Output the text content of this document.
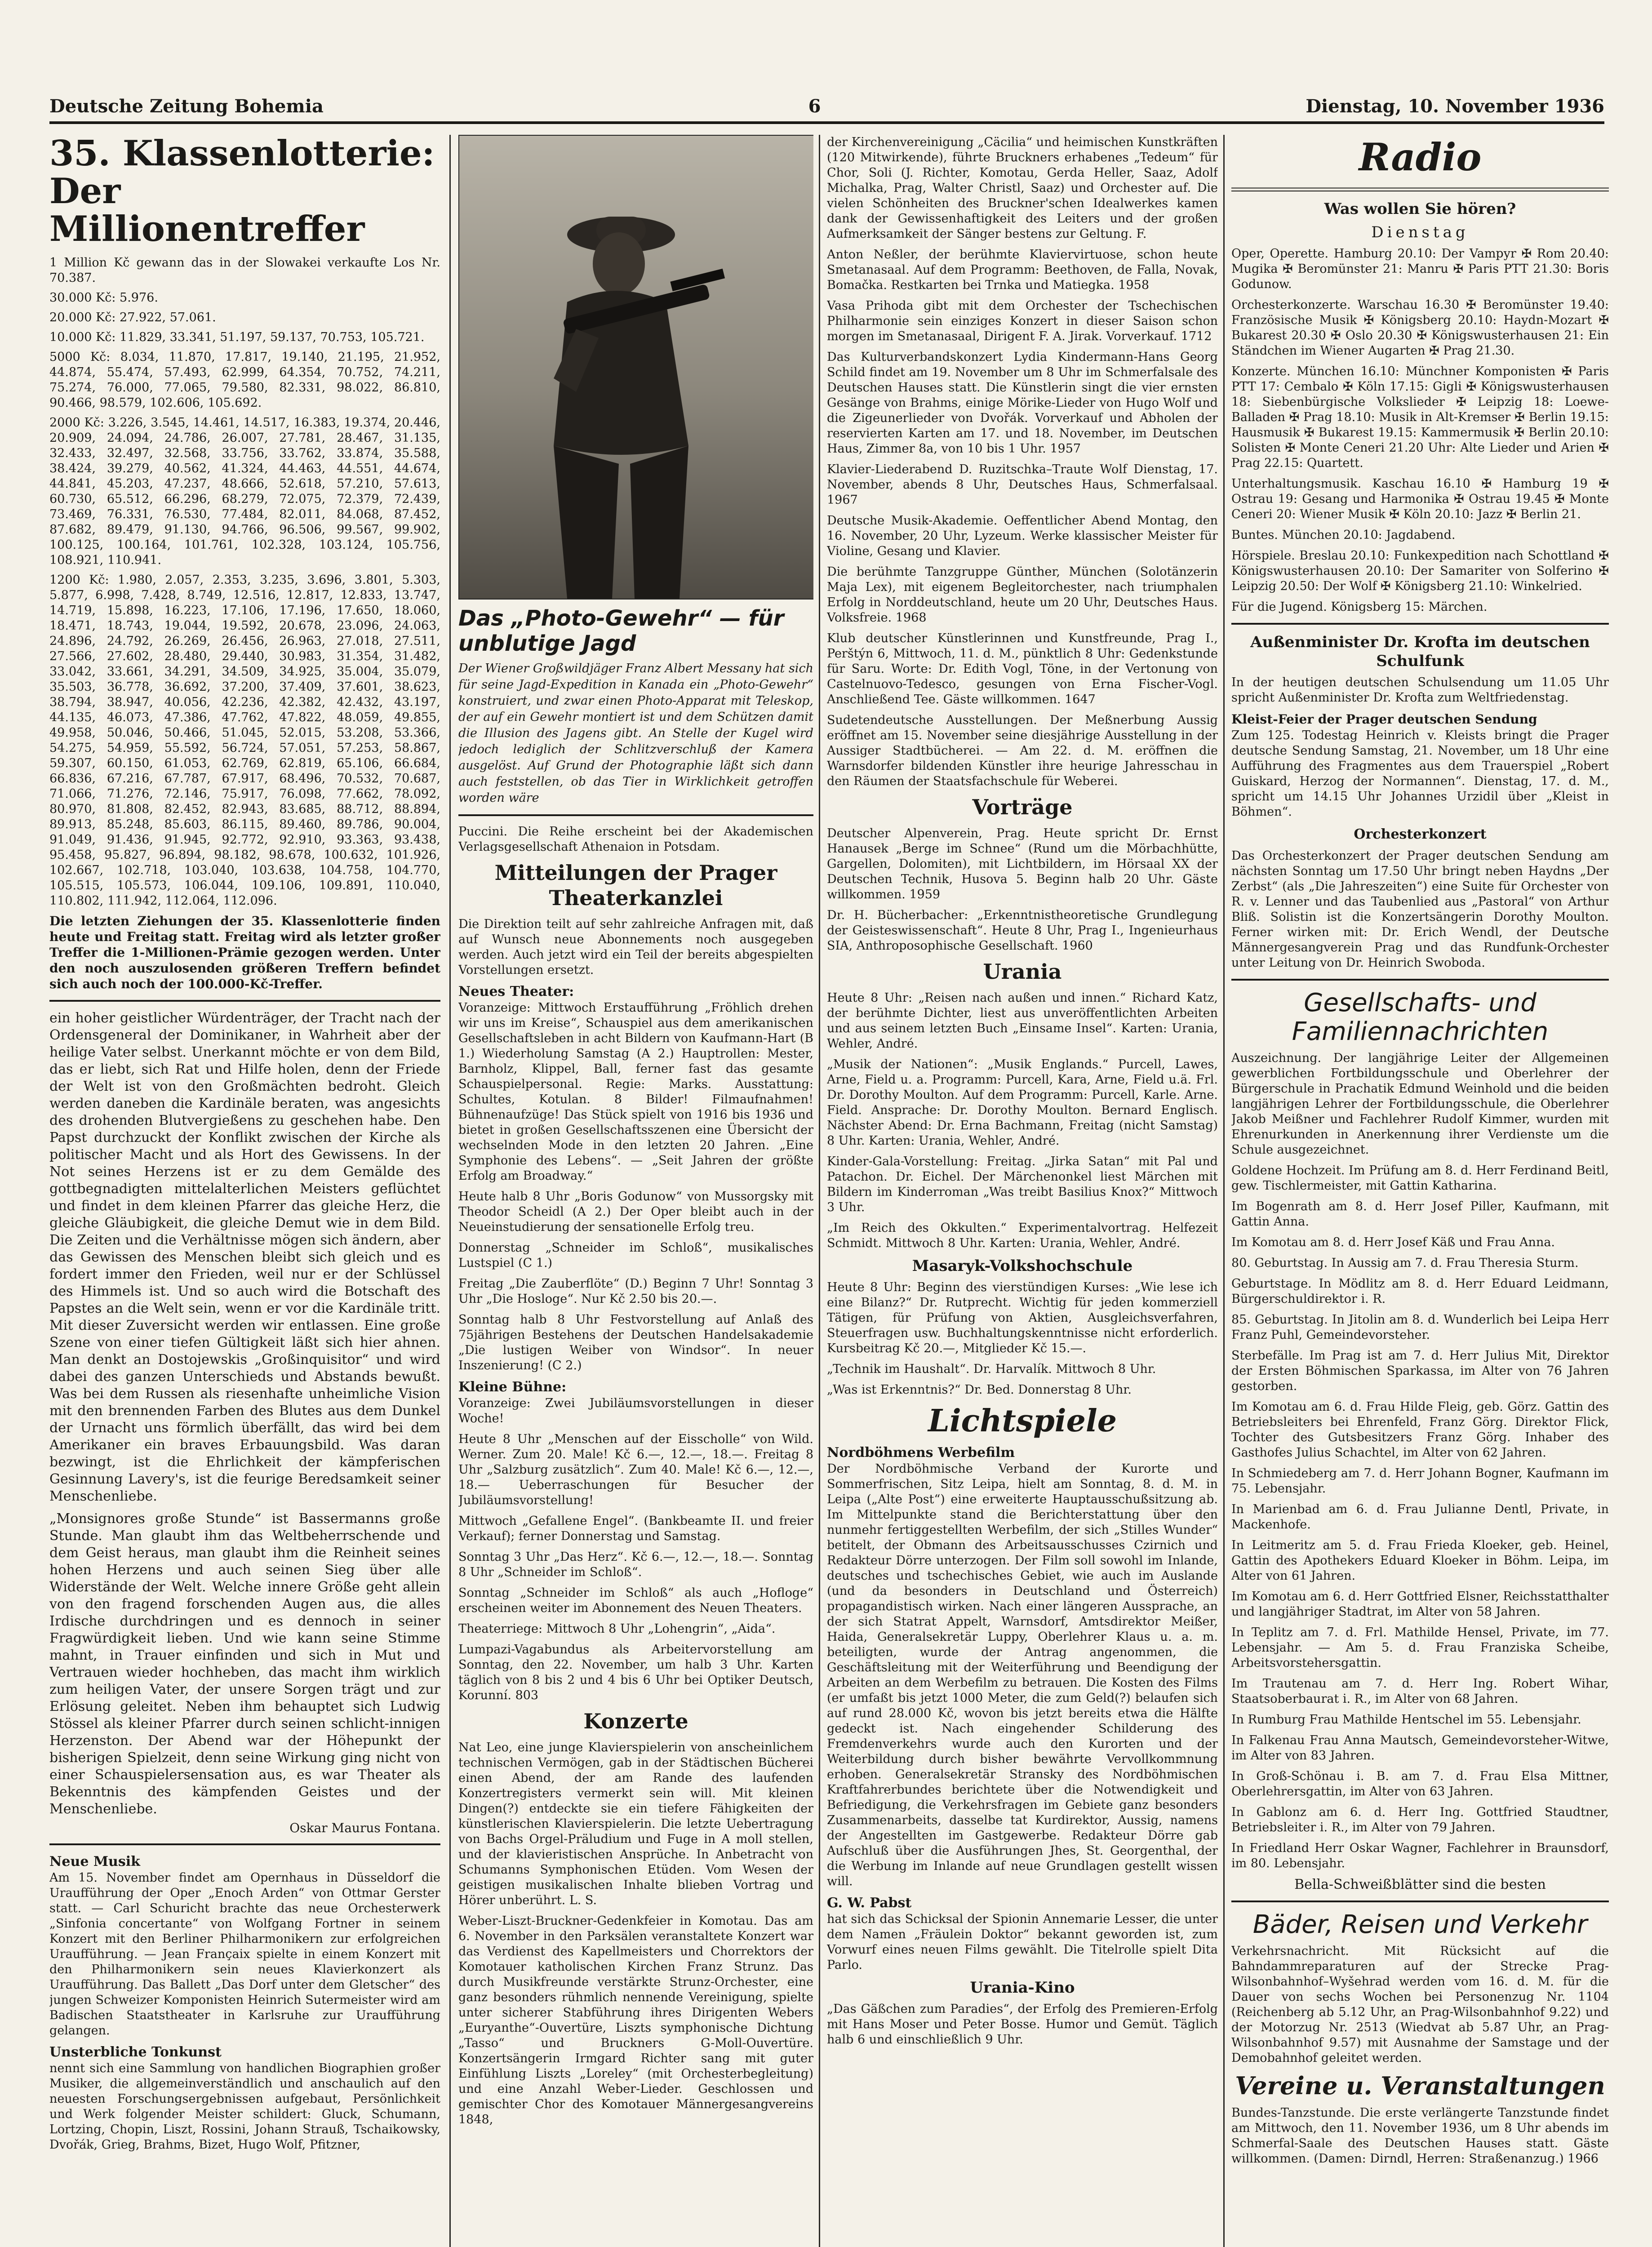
Deutsche Zeitung Bohemia	6	Dienstag, 10. November 1936
35. Klassenlotterie: Der Millionentreffer
1 Million Kč gewann das in der Slowakei verkaufte Los Nr. 70.387.
30.000 Kč: 5.976.
20.000 Kč: 27.922, 57.061.
10.000 Kč: 11.829, 33.341, 51.197, 59.137, 70.753, 105.721.
5000 Kč: 8.034, 11.870, 17.817, 19.140, 21.195, 21.952, 44.874, 55.474, 57.493, 62.999, 64.354, 70.752, 74.211, 75.274, 76.000, 77.065, 79.580, 82.331, 98.022, 86.810, 90.466, 98.579, 102.606, 105.692.
2000 Kč: 3.226, 3.545, 14.461, 14.517, 16.383, 19.374, 20.446, 20.909, 24.094, 24.786, 26.007, 27.781, 28.467, 31.135, 32.433, 32.497, 32.568, 33.756, 33.762, 33.874, 35.588, 38.424, 39.279, 40.562, 41.324, 44.463, 44.551, 44.674, 44.841, 45.203, 47.237, 48.666, 52.618, 57.210, 57.613, 60.730, 65.512, 66.296, 68.279, 72.075, 72.379, 72.439, 73.469, 76.331, 76.530, 77.484, 82.011, 84.068, 87.452, 87.682, 89.479, 91.130, 94.766, 96.506, 99.567, 99.902, 100.125, 100.164, 101.761, 102.328, 103.124, 105.756, 108.921, 110.941.
1200 Kč: 1.980, 2.057, 2.353, 3.235, 3.696, 3.801, 5.303, 5.877, 6.998, 7.428, 8.749, 12.516, 12.817, 12.833, 13.747, 14.719, 15.898, 16.223, 17.106, 17.196, 17.650, 18.060, 18.471, 18.743, 19.044, 19.592, 20.678, 23.096, 24.063, 24.896, 24.792, 26.269, 26.456, 26.963, 27.018, 27.511, 27.566, 27.602, 28.480, 29.440, 30.983, 31.354, 31.482, 33.042, 33.661, 34.291, 34.509, 34.925, 35.004, 35.079, 35.503, 36.778, 36.692, 37.200, 37.409, 37.601, 38.623, 38.794, 38.947, 40.056, 42.236, 42.382, 42.432, 43.197, 44.135, 46.073, 47.386, 47.762, 47.822, 48.059, 49.855, 49.958, 50.046, 50.466, 51.045, 52.015, 53.208, 53.366, 54.275, 54.959, 55.592, 56.724, 57.051, 57.253, 58.867, 59.307, 60.150, 61.053, 62.769, 62.819, 65.106, 66.684, 66.836, 67.216, 67.787, 67.917, 68.496, 70.532, 70.687, 71.066, 71.276, 72.146, 75.917, 76.098, 77.662, 78.092, 80.970, 81.808, 82.452, 82.943, 83.685, 88.712, 88.894, 89.913, 85.248, 85.603, 86.115, 89.460, 89.786, 90.004, 91.049, 91.436, 91.945, 92.772, 92.910, 93.363, 93.438, 95.458, 95.827, 96.894, 98.182, 98.678, 100.632, 101.926, 102.667, 102.718, 103.040, 103.638, 104.758, 104.770, 105.515, 105.573, 106.044, 109.106, 109.891, 110.040, 110.802, 111.942, 112.064, 112.096.

Die letzten Ziehungen der 35. Klassenlotterie finden heute und Freitag statt. Freitag wird als letzter großer Treffer die 1-Millionen-Prämie gezogen werden. Unter den noch auszulosenden größeren Treffern befindet sich auch noch der 100.000-Kč-Treffer.

ein hoher geistlicher Würdenträger, der Tracht nach der Ordensgeneral der Dominikaner, in Wahrheit aber der heilige Vater selbst. Unerkannt möchte er von dem Bild, das er liebt, sich Rat und Hilfe holen, denn der Friede der Welt ist von den Großmächten bedroht. Gleich werden daneben die Kardinäle beraten, was angesichts des drohenden Blutvergießens zu geschehen habe. Den Papst durchzuckt der Konflikt zwischen der Kirche als politischer Macht und als Hort des Gewissens. In der Not seines Herzens ist er zu dem Gemälde des gottbegnadigten mittelalterlichen Meisters geflüchtet und findet in dem kleinen Pfarrer das gleiche Herz, die gleiche Gläubigkeit, die gleiche Demut wie in dem Bild. Die Zeiten und die Verhältnisse mögen sich ändern, aber das Gewissen des Menschen bleibt sich gleich und es fordert immer den Frieden, weil nur er der Schlüssel des Himmels ist. Und so auch wird die Botschaft des Papstes an die Welt sein, wenn er vor die Kardinäle tritt. Mit dieser Zuversicht werden wir entlassen. Eine große Szene von einer tiefen Gültigkeit läßt sich hier ahnen. Man denkt an Dostojewskis „Großinquisitor“ und wird dabei des ganzen Unterschieds und Abstands bewußt. Was bei dem Russen als riesenhafte unheimliche Vision mit den brennenden Farben des Blutes aus dem Dunkel der Urnacht uns förmlich überfällt, das wird bei dem Amerikaner ein braves Erbauungsbild. Was daran bezwingt, ist die Ehrlichkeit der kämpferischen Gesinnung Lavery's, ist die feurige Beredsamkeit seiner Menschenliebe.

„Monsignores große Stunde“ ist Bassermanns große Stunde. Man glaubt ihm das Weltbeherrschende und dem Geist heraus, man glaubt ihm die Reinheit seines hohen Herzens und auch seinen Sieg über alle Widerstände der Welt. Welche innere Größe geht allein von den fragend forschenden Augen aus, die alles Irdische durchdringen und es dennoch in seiner Fragwürdigkeit lieben. Und wie kann seine Stimme mahnt, in Trauer einfinden und sich in Mut und Vertrauen wieder hochheben, das macht ihm wirklich zum heiligen Vater, der unsere Sorgen trägt und zur Erlösung geleitet. Neben ihm behauptet sich Ludwig Stössel als kleiner Pfarrer durch seinen schlicht-innigen Herzenston. Der Abend war der Höhepunkt der bisherigen Spielzeit, denn seine Wirkung ging nicht von einer Schauspielersensation aus, es war Theater als Bekenntnis des kämpfenden Geistes und der Menschenliebe.

Oskar Maurus Fontana.

Neue Musik

Am 15. November findet am Opernhaus in Düsseldorf die Uraufführung der Oper „Enoch Arden“ von Ottmar Gerster statt. — Carl Schuricht brachte das neue Orchesterwerk „Sinfonia concertante“ von Wolfgang Fortner in seinem Konzert mit den Berliner Philharmonikern zur erfolgreichen Uraufführung. — Jean Françaix spielte in einem Konzert mit den Philharmonikern sein neues Klavierkonzert als Uraufführung. Das Ballett „Das Dorf unter dem Gletscher“ des jungen Schweizer Komponisten Heinrich Sutermeister wird am Badischen Staatstheater in Karlsruhe zur Uraufführung gelangen.

Unsterbliche Tonkunst

nennt sich eine Sammlung von handlichen Biographien großer Musiker, die allgemeinverständlich und anschaulich auf den neuesten Forschungsergebnissen aufgebaut, Persönlichkeit und Werk folgender Meister schildert: Gluck, Schumann, Lortzing, Chopin, Liszt, Rossini, Johann Strauß, Tschaikowsky, Dvořák, Grieg, Brahms, Bizet, Hugo Wolf, Pfitzner,

Das „Photo-Gewehr“ — für unblutige Jagd
Der Wiener Großwildjäger Franz Albert Messany hat sich für seine Jagd-Expedition in Kanada ein „Photo-Gewehr“ konstruiert, und zwar einen Photo-Apparat mit Teleskop, der auf ein Gewehr montiert ist und dem Schützen damit die Illusion des Jagens gibt. An Stelle der Kugel wird jedoch lediglich der Schlitzverschluß der Kamera ausgelöst. Auf Grund der Photographie läßt sich dann auch feststellen, ob das Tier in Wirklichkeit getroffen worden wäre

Puccini. Die Reihe erscheint bei der Akademischen Verlagsgesellschaft Athenaion in Potsdam.

Mitteilungen der Prager Theaterkanzlei

Die Direktion teilt auf sehr zahlreiche Anfragen mit, daß auf Wunsch neue Abonnements noch ausgegeben werden. Auch jetzt wird ein Teil der bereits abgespielten Vorstellungen ersetzt.

Neues Theater:

Voranzeige: Mittwoch Erstaufführung „Fröhlich drehen wir uns im Kreise“, Schauspiel aus dem amerikanischen Gesellschaftsleben in acht Bildern von Kaufmann-Hart (B 1.) Wiederholung Samstag (A 2.) Hauptrollen: Mester, Barnholz, Klippel, Ball, ferner fast das gesamte Schauspielpersonal. Regie: Marks. Ausstattung: Schultes, Kotulan. 8 Bilder! Filmaufnahmen! Bühnenaufzüge! Das Stück spielt von 1916 bis 1936 und bietet in großen Gesellschaftsszenen eine Übersicht der wechselnden Mode in den letzten 20 Jahren. „Eine Symphonie des Lebens“. — „Seit Jahren der größte Erfolg am Broadway.“

Heute halb 8 Uhr „Boris Godunow“ von Mussorgsky mit Theodor Scheidl (A 2.) Der Oper bleibt auch in der Neueinstudierung der sensationelle Erfolg treu.

Donnerstag „Schneider im Schloß“, musikalisches Lustspiel (C 1.)

Freitag „Die Zauberflöte“ (D.) Beginn 7 Uhr! Sonntag 3 Uhr „Die Hosloge“. Nur Kč 2.50 bis 20.—.

Sonntag halb 8 Uhr Festvorstellung auf Anlaß des 75jährigen Bestehens der Deutschen Handelsakademie „Die lustigen Weiber von Windsor“. In neuer Inszenierung! (C 2.)

Kleine Bühne:

Voranzeige: Zwei Jubiläumsvorstellungen in dieser Woche!

Heute 8 Uhr „Menschen auf der Eisscholle“ von Wild. Werner. Zum 20. Male! Kč 6.—, 12.—, 18.—. Freitag 8 Uhr „Salzburg zusätzlich“. Zum 40. Male! Kč 6.—, 12.—, 18.— Ueberraschungen für Besucher der Jubiläumsvorstellung!

Mittwoch „Gefallene Engel“. (Bankbeamte II. und freier Verkauf); ferner Donnerstag und Samstag.

Sonntag 3 Uhr „Das Herz“. Kč 6.—, 12.—, 18.—. Sonntag 8 Uhr „Schneider im Schloß“.

Sonntag „Schneider im Schloß“ als auch „Hofloge“ erscheinen weiter im Abonnement des Neuen Theaters.

Theaterriege: Mittwoch 8 Uhr „Lohengrin“, „Aida“.

Lumpazi-Vagabundus als Arbeitervorstellung am Sonntag, den 22. November, um halb 3 Uhr. Karten täglich von 8 bis 2 und 4 bis 6 Uhr bei Optiker Deutsch, Korunní. 803

Konzerte

Nat Leo, eine junge Klavierspielerin von anscheinlichem technischen Vermögen, gab in der Städtischen Bücherei einen Abend, der am Rande des laufenden Konzertregisters vermerkt sein will. Mit kleinen Dingen(?) entdeckte sie ein tiefere Fähigkeiten der künstlerischen Klavierspielerin. Die letzte Uebertragung von Bachs Orgel-Präludium und Fuge in A moll stellen, und der klavieristischen Ansprüche. In Anbetracht von Schumanns Symphonischen Etüden. Vom Wesen der geistigen musikalischen Inhalte blieben Vortrag und Hörer unberührt. L. S.

Weber-Liszt-Bruckner-Gedenkfeier in Komotau. Das am 6. November in den Parksälen veranstaltete Konzert war das Verdienst des Kapellmeisters und Chorrektors der Komotauer katholischen Kirchen Franz Strunz. Das durch Musikfreunde verstärkte Strunz-Orchester, eine ganz besonders rühmlich nennende Vereinigung, spielte unter sicherer Stabführung ihres Dirigenten Webers „Euryanthe“-Ouvertüre, Liszts symphonische Dichtung „Tasso“ und Bruckners G-Moll-Ouvertüre. Konzertsängerin Irmgard Richter sang mit guter Einfühlung Liszts „Loreley“ (mit Orchesterbegleitung) und eine Anzahl Weber-Lieder. Geschlossen und gemischter Chor des Komotauer Männergesangvereins 1848,

der Kirchenvereinigung „Cäcilia“ und heimischen Kunstkräften (120 Mitwirkende), führte Bruckners erhabenes „Tedeum“ für Chor, Soli (J. Richter, Komotau, Gerda Heller, Saaz, Adolf Michalka, Prag, Walter Christl, Saaz) und Orchester auf. Die vielen Schönheiten des Bruckner'schen Idealwerkes kamen dank der Gewissenhaftigkeit des Leiters und der großen Aufmerksamkeit der Sänger bestens zur Geltung. F.

Anton Neßler, der berühmte Klaviervirtuose, schon heute Smetanasaal. Auf dem Programm: Beethoven, de Falla, Novak, Bomačka. Restkarten bei Trnka und Matiegka. 1958

Vasa Prihoda gibt mit dem Orchester der Tschechischen Philharmonie sein einziges Konzert in dieser Saison schon morgen im Smetanasaal, Dirigent F. A. Jirak. Vorverkauf. 1712

Das Kulturverbandskonzert Lydia Kindermann-Hans Georg Schild findet am 19. November um 8 Uhr im Schmerfalsale des Deutschen Hauses statt. Die Künstlerin singt die vier ernsten Gesänge von Brahms, einige Mörike-Lieder von Hugo Wolf und die Zigeunerlieder von Dvořák. Vorverkauf und Abholen der reservierten Karten am 17. und 18. November, im Deutschen Haus, Zimmer 8a, von 10 bis 1 Uhr. 1957

Klavier-Liederabend D. Ruzitschka–Traute Wolf Dienstag, 17. November, abends 8 Uhr, Deutsches Haus, Schmerfalsaal. 1967

Deutsche Musik-Akademie. Oeffentlicher Abend Montag, den 16. November, 20 Uhr, Lyzeum. Werke klassischer Meister für Violine, Gesang und Klavier.

Die berühmte Tanzgruppe Günther, München (Solotänzerin Maja Lex), mit eigenem Begleitorchester, nach triumphalen Erfolg in Norddeutschland, heute um 20 Uhr, Deutsches Haus. Volksfreie. 1968

Klub deutscher Künstlerinnen und Kunstfreunde, Prag I., Perštýn 6, Mittwoch, 11. d. M., pünktlich 8 Uhr: Gedenkstunde für Saru. Worte: Dr. Edith Vogl, Töne, in der Vertonung von Castelnuovo-Tedesco, gesungen von Erna Fischer-Vogl. Anschließend Tee. Gäste willkommen. 1647

Sudetendeutsche Ausstellungen. Der Meßnerbung Aussig eröffnet am 15. November seine diesjährige Ausstellung in der Aussiger Stadtbücherei. — Am 22. d. M. eröffnen die Warnsdorfer bildenden Künstler ihre heurige Jahresschau in den Räumen der Staatsfachschule für Weberei.

Vorträge

Deutscher Alpenverein, Prag. Heute spricht Dr. Ernst Hanausek „Berge im Schnee“ (Rund um die Mörbachhütte, Gargellen, Dolomiten), mit Lichtbildern, im Hörsaal XX der Deutschen Technik, Husova 5. Beginn halb 20 Uhr. Gäste willkommen. 1959

Dr. H. Bücherbacher: „Erkenntnistheoretische Grundlegung der Geisteswissenschaft“. Heute 8 Uhr, Prag I., Ingenieurhaus SIA, Anthroposophische Gesellschaft. 1960

Urania

Heute 8 Uhr: „Reisen nach außen und innen.“ Richard Katz, der berühmte Dichter, liest aus unveröffentlichten Arbeiten und aus seinem letzten Buch „Einsame Insel“. Karten: Urania, Wehler, André.

„Musik der Nationen“: „Musik Englands.“ Purcell, Lawes, Arne, Field u. a. Programm: Purcell, Kara, Arne, Field u.ä. Frl. Dr. Dorothy Moulton. Auf dem Programm: Purcell, Karle. Arne. Field. Ansprache: Dr. Dorothy Moulton. Bernard Englisch. Nächster Abend: Dr. Erna Bachmann, Freitag (nicht Samstag) 8 Uhr. Karten: Urania, Wehler, André.

Kinder-Gala-Vorstellung: Freitag. „Jirka Satan“ mit Pal und Patachon. Dr. Eichel. Der Märchenonkel liest Märchen mit Bildern im Kinderroman „Was treibt Basilius Knox?“ Mittwoch 3 Uhr.

„Im Reich des Okkulten.“ Experimentalvortrag. Helfezeit Schmidt. Mittwoch 8 Uhr. Karten: Urania, Wehler, André.

Masaryk-Volkshochschule

Heute 8 Uhr: Beginn des vierstündigen Kurses: „Wie lese ich eine Bilanz?“ Dr. Rutprecht. Wichtig für jeden kommerziell Tätigen, für Prüfung von Aktien, Ausgleichsverfahren, Steuerfragen usw. Buchhaltungskenntnisse nicht erforderlich. Kursbeitrag Kč 20.—, Mitglieder Kč 15.—.

„Technik im Haushalt“. Dr. Harvalík. Mittwoch 8 Uhr.

„Was ist Erkenntnis?“ Dr. Bed. Donnerstag 8 Uhr.

Lichtspiele

Nordböhmens Werbefilm

Der Nordböhmische Verband der Kurorte und Sommerfrischen, Sitz Leipa, hielt am Sonntag, 8. d. M. in Leipa („Alte Post“) eine erweiterte Hauptausschußsitzung ab. Im Mittelpunkte stand die Berichterstattung über den nunmehr fertiggestellten Werbefilm, der sich „Stilles Wunder“ betitelt, der Obmann des Arbeitsausschusses Czirnich und Redakteur Dörre unterzogen. Der Film soll sowohl im Inlande, deutsches und tschechisches Gebiet, wie auch im Auslande (und da besonders in Deutschland und Österreich) propagandistisch wirken. Nach einer längeren Aussprache, an der sich Statrat Appelt, Warnsdorf, Amtsdirektor Meißer, Haida, Generalsekretär Luppy, Oberlehrer Klaus u. a. m. beteiligten, wurde der Antrag angenommen, die Geschäftsleitung mit der Weiterführung und Beendigung der Arbeiten an dem Werbefilm zu betrauen. Die Kosten des Films (er umfaßt bis jetzt 1000 Meter, die zum Geld(?) belaufen sich auf rund 28.000 Kč, wovon bis jetzt bereits etwa die Hälfte gedeckt ist. Nach eingehender Schilderung des Fremdenverkehrs wurde auch den Kurorten und der Weiterbildung durch bisher bewährte Vervollkommnung erhoben. Generalsekretär Stransky des Nordböhmischen Kraftfahrerbundes berichtete über die Notwendigkeit und Befriedigung, die Verkehrsfragen im Gebiete ganz besonders Zusammenarbeits, dasselbe tat Kurdirektor, Aussig, namens der Angestellten im Gastgewerbe. Redakteur Dörre gab Aufschluß über die Ausführungen Jhes, St. Georgenthal, der die Werbung im Inlande auf neue Grundlagen gestellt wissen will.

G. W. Pabst

hat sich das Schicksal der Spionin Annemarie Lesser, die unter dem Namen „Fräulein Doktor“ bekannt geworden ist, zum Vorwurf eines neuen Films gewählt. Die Titelrolle spielt Dita Parlo.

Urania-Kino

„Das Gäßchen zum Paradies“, der Erfolg des Premieren-Erfolg mit Hans Moser und Peter Bosse. Humor und Gemüt. Täglich halb 6 und einschließlich 9 Uhr.

Radio
Was wollen Sie hören?
Dienstag

Oper, Operette. Hamburg 20.10: Der Vampyr ✠ Rom 20.40: Mugika ✠ Beromünster 21: Manru ✠ Paris PTT 21.30: Boris Godunow.

Orchesterkonzerte. Warschau 16.30 ✠ Beromünster 19.40: Französische Musik ✠ Königsberg 20.10: Haydn-Mozart ✠ Bukarest 20.30 ✠ Oslo 20.30 ✠ Königswusterhausen 21: Ein Ständchen im Wiener Augarten ✠ Prag 21.30.

Konzerte. München 16.10: Münchner Komponisten ✠ Paris PTT 17: Cembalo ✠ Köln 17.15: Gigli ✠ Königswusterhausen 18: Siebenbürgische Volkslieder ✠ Leipzig 18: Loewe-Balladen ✠ Prag 18.10: Musik in Alt-Kremser ✠ Berlin 19.15: Hausmusik ✠ Bukarest 19.15: Kammermusik ✠ Berlin 20.10: Solisten ✠ Monte Ceneri 21.20 Uhr: Alte Lieder und Arien ✠ Prag 22.15: Quartett.

Unterhaltungsmusik. Kaschau 16.10 ✠ Hamburg 19 ✠ Ostrau 19: Gesang und Harmonika ✠ Ostrau 19.45 ✠ Monte Ceneri 20: Wiener Musik ✠ Köln 20.10: Jazz ✠ Berlin 21.

Buntes. München 20.10: Jagdabend.

Hörspiele. Breslau 20.10: Funkexpedition nach Schottland ✠ Königswusterhausen 20.10: Der Samariter von Solferino ✠ Leipzig 20.50: Der Wolf ✠ Königsberg 21.10: Winkelried.

Für die Jugend. Königsberg 15: Märchen.

Außenminister Dr. Krofta im deutschen Schulfunk

In der heutigen deutschen Schulsendung um 11.05 Uhr spricht Außenminister Dr. Krofta zum Weltfriedenstag.

Kleist-Feier der Prager deutschen Sendung

Zum 125. Todestag Heinrich v. Kleists bringt die Prager deutsche Sendung Samstag, 21. November, um 18 Uhr eine Aufführung des Fragmentes aus dem Trauerspiel „Robert Guiskard, Herzog der Normannen“. Dienstag, 17. d. M., spricht um 14.15 Uhr Johannes Urzidil über „Kleist in Böhmen“.

Orchesterkonzert

Das Orchesterkonzert der Prager deutschen Sendung am nächsten Sonntag um 17.50 Uhr bringt neben Haydns „Der Zerbst“ (als „Die Jahreszeiten“) eine Suite für Orchester von R. v. Lenner und das Taubenlied aus „Pastoral“ von Arthur Bliß. Solistin ist die Konzertsängerin Dorothy Moulton. Ferner wirken mit: Dr. Erich Wendl, der Deutsche Männergesangverein Prag und das Rundfunk-Orchester unter Leitung von Dr. Heinrich Swoboda.

Gesellschafts- und Familiennachrichten

Auszeichnung. Der langjährige Leiter der Allgemeinen gewerblichen Fortbildungsschule und Oberlehrer der Bürgerschule in Prachatik Edmund Weinhold und die beiden langjährigen Lehrer der Fortbildungsschule, die Oberlehrer Jakob Meißner und Fachlehrer Rudolf Kimmer, wurden mit Ehrenurkunden in Anerkennung ihrer Verdienste um die Schule ausgezeichnet.

Goldene Hochzeit. Im Prüfung am 8. d. Herr Ferdinand Beitl, gew. Tischlermeister, mit Gattin Katharina.

Im Bogenrath am 8. d. Herr Josef Piller, Kaufmann, mit Gattin Anna.

Im Komotau am 8. d. Herr Josef Käß und Frau Anna.

80. Geburtstag. In Aussig am 7. d. Frau Theresia Sturm.

Geburtstage. In Mödlitz am 8. d. Herr Eduard Leidmann, Bürgerschuldirektor i. R.

85. Geburtstag. In Jitolin am 8. d. Wunderlich bei Leipa Herr Franz Puhl, Gemeindevorsteher.

Sterbefälle. Im Prag ist am 7. d. Herr Julius Mit, Direktor der Ersten Böhmischen Sparkassa, im Alter von 76 Jahren gestorben.

Im Komotau am 6. d. Frau Hilde Fleig, geb. Görz. Gattin des Betriebsleiters bei Ehrenfeld, Franz Görg. Direktor Flick, Tochter des Gutsbesitzers Franz Görg. Inhaber des Gasthofes Julius Schachtel, im Alter von 62 Jahren.

In Schmiedeberg am 7. d. Herr Johann Bogner, Kaufmann im 75. Lebensjahr.

In Marienbad am 6. d. Frau Julianne Dentl, Private, in Mackenhofe.

In Leitmeritz am 5. d. Frau Frieda Kloeker, geb. Heinel, Gattin des Apothekers Eduard Kloeker in Böhm. Leipa, im Alter von 61 Jahren.

Im Komotau am 6. d. Herr Gottfried Elsner, Reichsstatthalter und langjähriger Stadtrat, im Alter von 58 Jahren.

In Teplitz am 7. d. Frl. Mathilde Hensel, Private, im 77. Lebensjahr. — Am 5. d. Frau Franziska Scheibe, Arbeitsvorstehersgattin.

Im Trautenau am 7. d. Herr Ing. Robert Wihar, Staatsoberbaurat i. R., im Alter von 68 Jahren.

In Rumburg Frau Mathilde Hentschel im 55. Lebensjahr.

In Falkenau Frau Anna Mautsch, Gemeindevorsteher-Witwe, im Alter von 83 Jahren.

In Groß-Schönau i. B. am 7. d. Frau Elsa Mittner, Oberlehrersgattin, im Alter von 63 Jahren.

In Gablonz am 6. d. Herr Ing. Gottfried Staudtner, Betriebsleiter i. R., im Alter von 79 Jahren.

In Friedland Herr Oskar Wagner, Fachlehrer in Braunsdorf, im 80. Lebensjahr.

Bella-Schweißblätter sind die besten
Bäder, Reisen und Verkehr

Verkehrsnachricht. Mit Rücksicht auf die Bahndammreparaturen auf der Strecke Prag-Wilsonbahnhof–Wyšehrad werden vom 16. d. M. für die Dauer von sechs Wochen bei Personenzug Nr. 1104 (Reichenberg ab 5.12 Uhr, an Prag-Wilsonbahnhof 9.22) und der Motorzug Nr. 2513 (Wiedvat ab 5.87 Uhr, an Prag-Wilsonbahnhof 9.57) mit Ausnahme der Samstage und der Demobahnhof geleitet werden.

Vereine u. Veranstaltungen

Bundes-Tanzstunde. Die erste verlängerte Tanzstunde findet am Mittwoch, den 11. November 1936, um 8 Uhr abends im Schmerfal-Saale des Deutschen Hauses statt. Gäste willkommen. (Damen: Dirndl, Herren: Straßenanzug.) 1966
